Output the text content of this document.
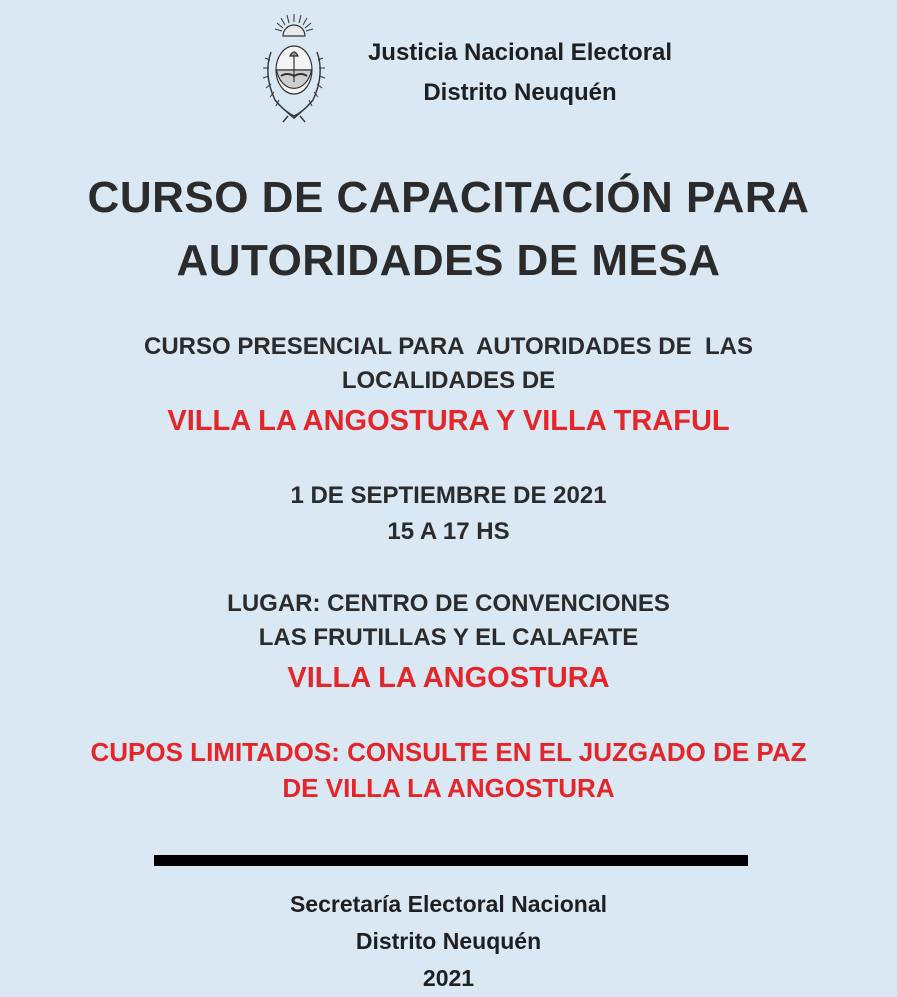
Justicia Nacional Electoral
Distrito Neuquén
CURSO DE CAPACITACIÓN PARA
AUTORIDADES DE MESA
CURSO PRESENCIAL PARA  AUTORIDADES DE  LAS
LOCALIDADES DE
VILLA LA ANGOSTURA Y VILLA TRAFUL
1 DE SEPTIEMBRE DE 2021
15 A 17 HS
LUGAR: CENTRO DE CONVENCIONES
LAS FRUTILLAS Y EL CALAFATE
VILLA LA ANGOSTURA
CUPOS LIMITADOS: CONSULTE EN EL JUZGADO DE PAZ
DE VILLA LA ANGOSTURA
Secretaría Electoral Nacional
Distrito Neuquén
2021
